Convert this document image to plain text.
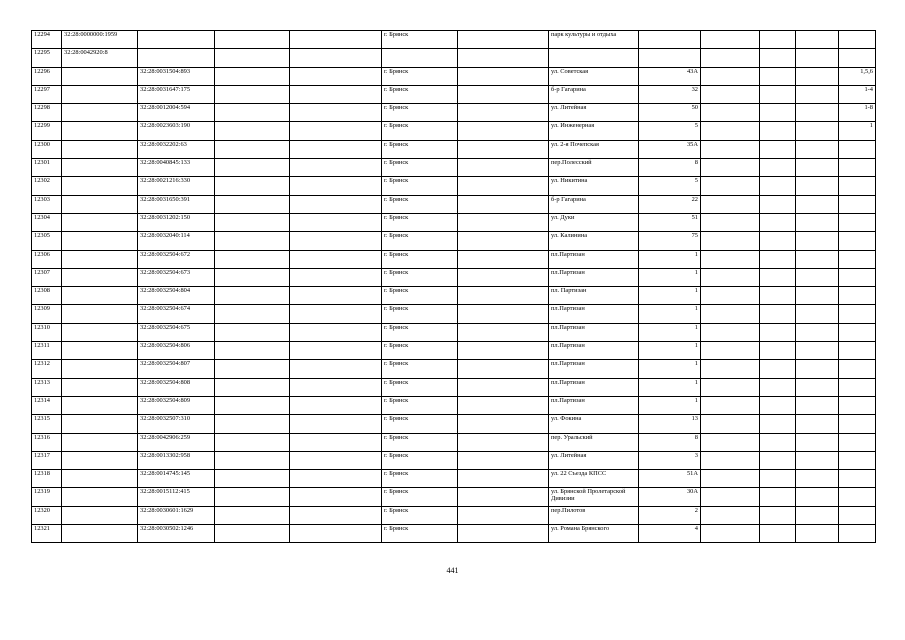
12294	32:28:0000000:1959				г. Брянск		парк культуры и отдыха					
12295	32:28:0042920:8											
12296		32:28:0031504:893			г. Брянск		ул. Советская	43А				1,5,6
12297		32:28:0031647:175			г. Брянск		б-р Гагарина	32				1-4
12298		32:28:0012004:594			г. Брянск		ул. Литейная	50				1-8
12299		32:28:0023603:190			г. Брянск		ул. Инженерная	5				1
12300		32:28:0032202:63			г. Брянск		ул. 2-я Почепская	35А				
12301		32:28:0040845:133			г. Брянск		пер.Полесский	8				
12302		32:28:0021216:330			г. Брянск		ул. Никитина	5				
12303		32:28:0031650:391			г. Брянск		б-р Гагарина	22				
12304		32:28:0031202:150			г. Брянск		ул. Дуки	51				
12305		32:28:0032040:114			г. Брянск		ул. Калинина	75				
12306		32:28:0032504:672			г. Брянск		пл.Партизан	1				
12307		32:28:0032504:673			г. Брянск		пл.Партизан	1				
12308		32:28:0032504:804			г. Брянск		пл. Партизан	1				
12309		32:28:0032504:674			г. Брянск		пл.Партизан	1				
12310		32:28:0032504:675			г. Брянск		пл.Партизан	1				
12311		32:28:0032504:806			г. Брянск		пл.Партизан	1				
12312		32:28:0032504:807			г. Брянск		пл.Партизан	1				
12313		32:28:0032504:808			г. Брянск		пл.Партизан	1				
12314		32:28:0032504:809			г. Брянск		пл.Партизан	1				
12315		32:28:0032507:310			г. Брянск		ул. Фокина	13				
12316		32:28:0042906:259			г. Брянск		пер. Уральский	8				
12317		32:28:0013302:958			г. Брянск		ул. Литейная	3				
12318		32:28:0014745:145			г. Брянск		ул. 22 Съезда КПСС	51А				
12319		32:28:0015112:415			г. Брянск		ул. Брянской Пролетарской Дивизии	30А				
12320		32:28:0030601:1629			г. Брянск		пер.Пилотов	2				
12321		32:28:0030502:1246			г. Брянск		ул. Романа Брянского	4				
441
